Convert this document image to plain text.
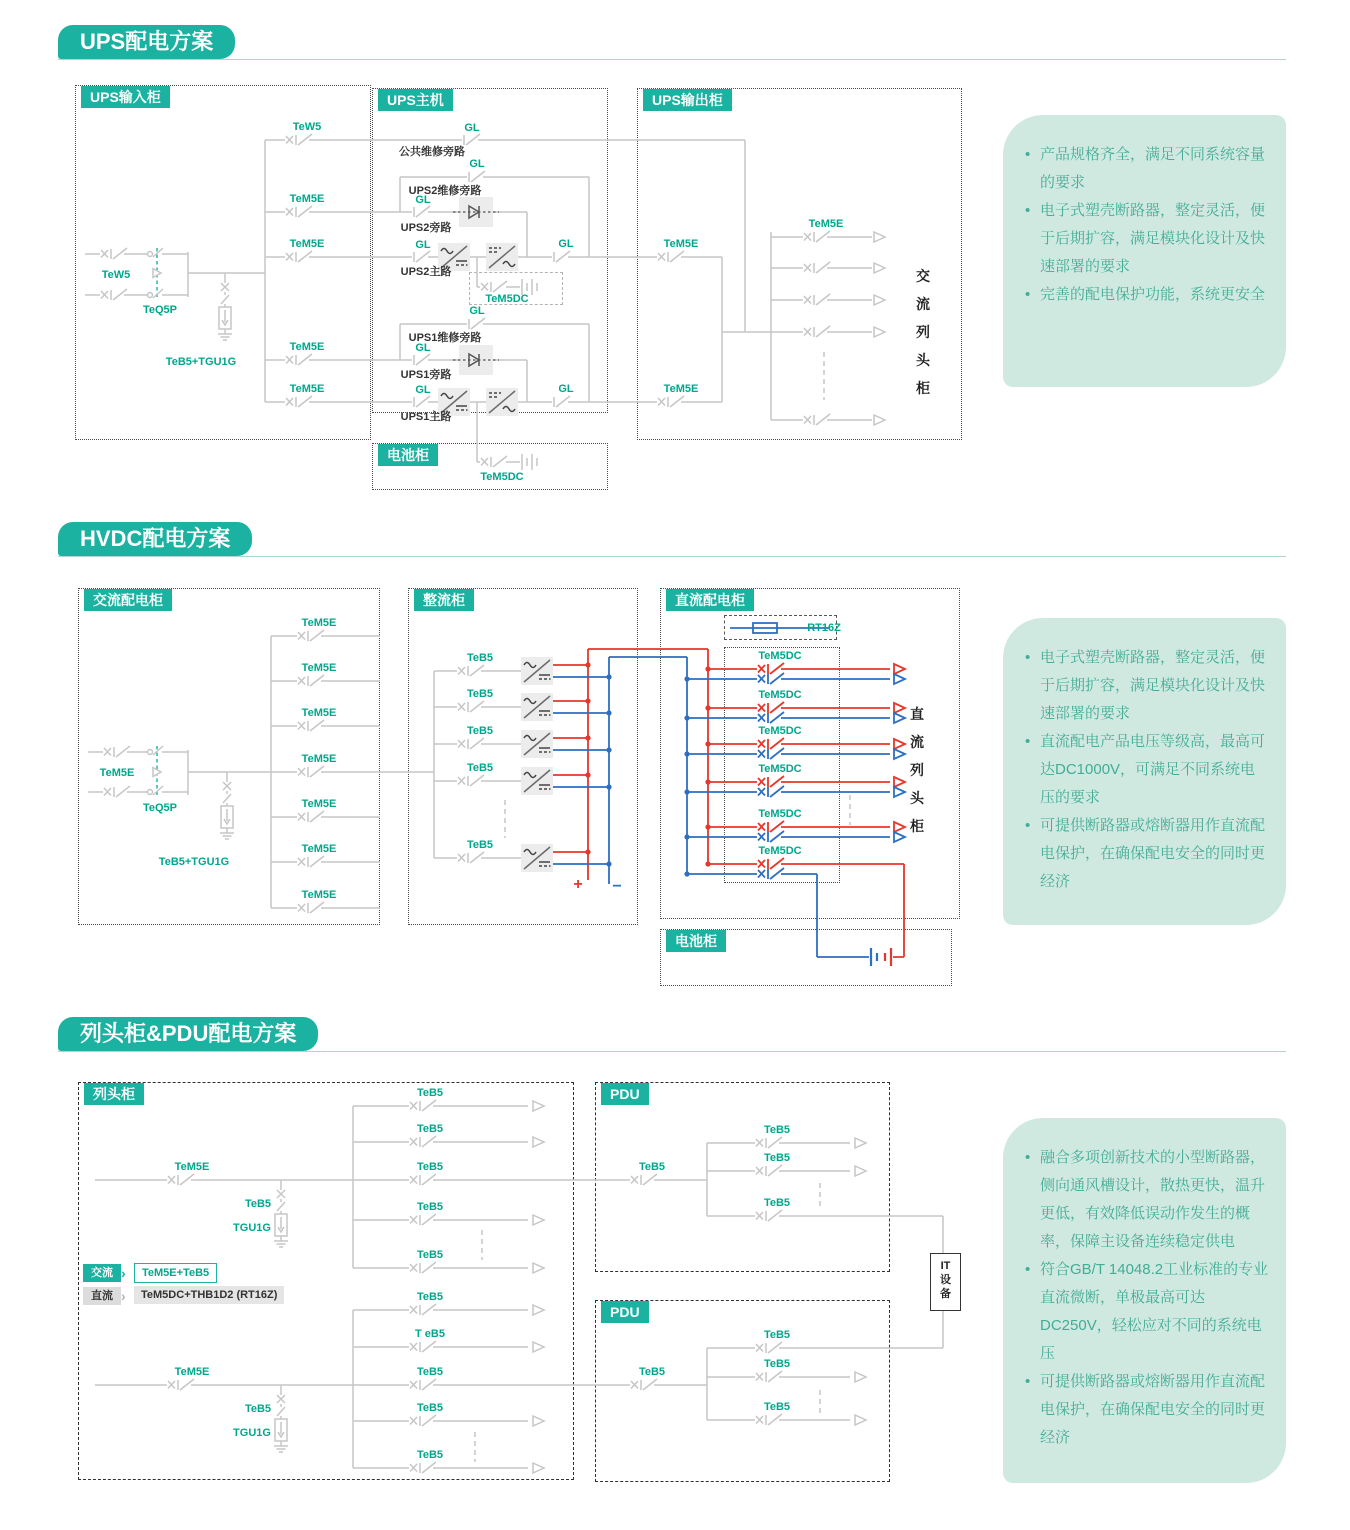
UPS配电方案
HVDC配电方案
列头柜&PDU配电方案
UPS输入柜	UPS主机	UPS输出柜
电池柜
交流配电柜	整流柜	直流配电柜
电池柜
列头柜	PDU
PDU
TeW5
TeQ5P
TeB5+TGU1G
TeW5
TeM5E
TeM5E
TeM5E
TeM5E
GL
公共维修旁路
GL
UPS2维修旁路
GL
UPS2旁路
GL
UPS2主路
GL
TeM5DC
GL
UPS1维修旁路
GL
UPS1旁路
GL
UPS1主路
GL
TeM5DC
TeM5E
TeM5E
TeM5E
TeM5E
TeQ5P
TeB5+TGU1G
TeM5E
TeM5E
TeM5E
TeM5E
TeM5E
TeM5E
TeM5E
TeB5
TeB5
TeB5
TeB5
TeB5
RT16Z
TeM5DC
TeM5DC
TeM5DC
TeM5DC
TeM5DC
TeM5DC
+ −
TeM5E
TeB5
TGU1G
TeB5
TeB5
TeB5
TeB5
TeB5
TeB5
TeB5
TeB5
TeB5
TeM5E
TeB5
TGU1G
TeB5
T eB5
TeB5
TeB5
TeB5
TeB5
TeB5
TeB5
TeB5
交流列头柜
直流列头柜
IT设备
交流 ›	TeM5E+TeB5
直流 ›	TeM5DC+THB1D2 (RT16Z)
• 产品规格齐全，满足不同系统容量的要求
• 电子式塑壳断路器，整定灵活，便于后期扩容，满足模块化设计及快速部署的要求
• 完善的配电保护功能，系统更安全
• 电子式塑壳断路器，整定灵活，便于后期扩容，满足模块化设计及快速部署的要求
• 直流配电产品电压等级高，最高可达DC1000V，可满足不同系统电压的要求
• 可提供断路器或熔断器用作直流配电保护，在确保配电安全的同时更经济
• 融合多项创新技术的小型断路器，侧向通风槽设计，散热更快，温升更低，有效降低误动作发生的概率，保障主设备连续稳定供电
• 符合GB/T 14048.2工业标准的专业直流微断，单极最高可达DC250V，轻松应对不同的系统电压
• 可提供断路器或熔断器用作直流配电保护，在确保配电安全的同时更经济
